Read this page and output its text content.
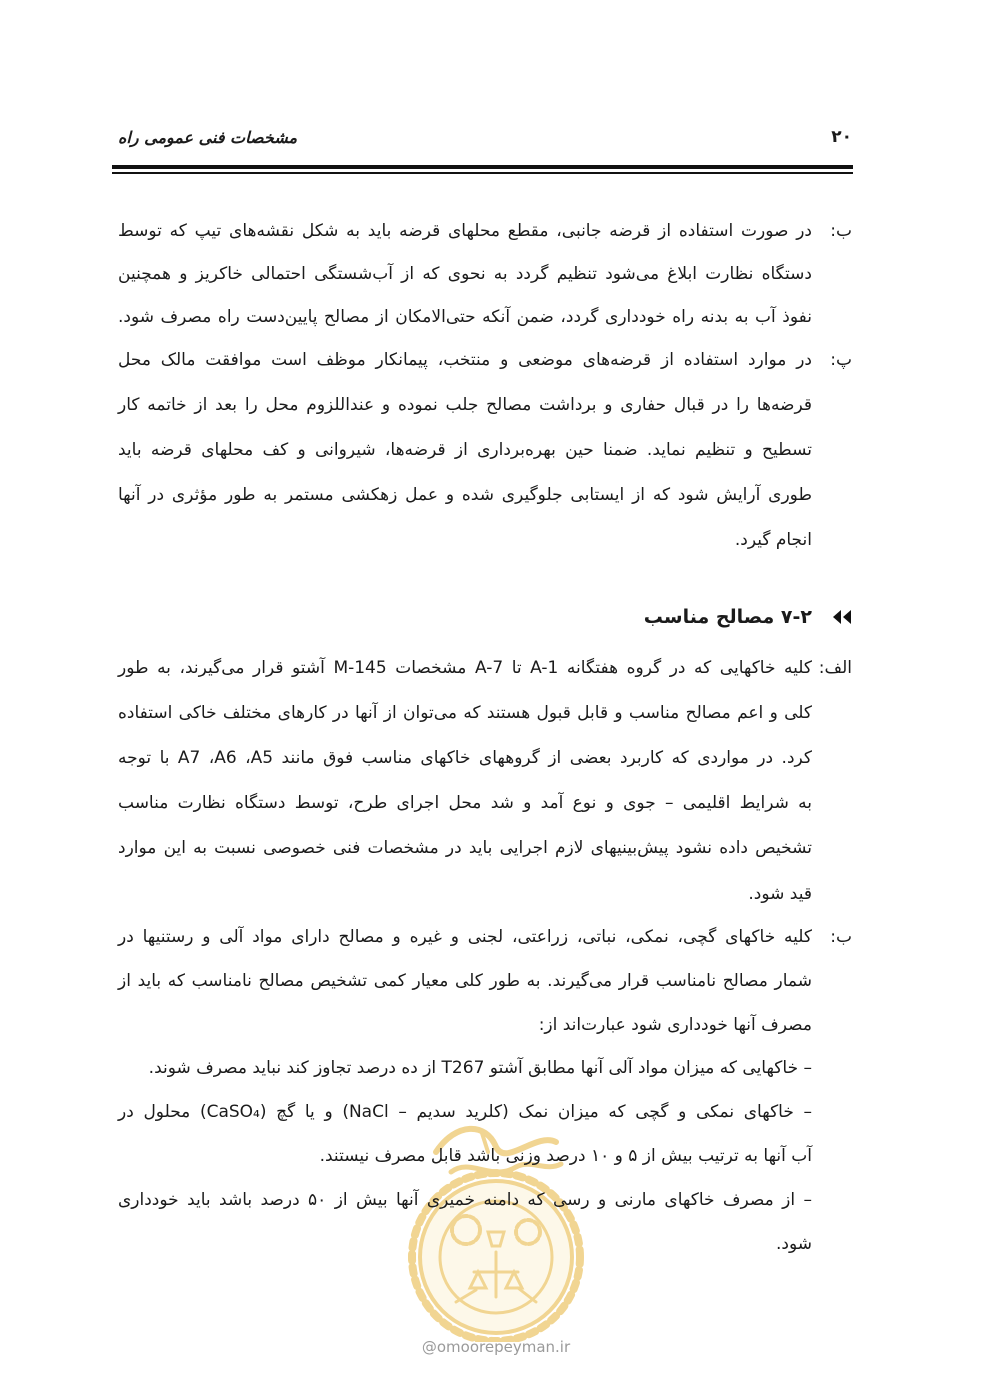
مشخصات فنی عمومی راه	۲۰
ب:
در صورت استفاده از قرضه جانبی، مقطع محلهای قرضه باید به شکل نقشه‌های تیپ که توسط
دستگاه نظارت ابلاغ می‌شود تنظیم گردد به نحوی که از آب‌شستگی احتمالی خاکریز و همچنین
نفوذ آب به بدنه راه خودداری گردد، ضمن آنکه حتی‌الامکان از مصالح پایین‌دست راه مصرف شود.
پ:
در موارد استفاده از قرضه‌های موضعی و منتخب، پیمانکار موظف است موافقت مالک محل
قرضه‌ها را در قبال حفاری و برداشت مصالح جلب نموده و عنداللزوم محل را بعد از خاتمه کار
تسطیح و تنظیم نماید. ضمنا حین بهره‌برداری از قرضه‌ها، شیروانی و کف محلهای قرضه باید
طوری آرایش شود که از ایستابی جلوگیری شده و عمل زهکشی مستمر به طور مؤثری در آنها
انجام گیرد.
۷-۲ مصالح مناسب
الف:
کلیه خاکهایی که در گروه هفتگانه A-1 تا A-7 مشخصات M-145 آشتو قرار می‌گیرند، به طور
کلی و اعم مصالح مناسب و قابل قبول هستند که می‌توان از آنها در کارهای مختلف خاکی استفاده
کرد. در مواردی که کاربرد بعضی از گروههای خاکهای مناسب فوق مانند A5‏، A6‏، A7 با توجه
به شرایط اقلیمی – جوی و نوع آمد و شد محل اجرای طرح، توسط دستگاه نظارت مناسب
تشخیص داده نشود پیش‌بینیهای لازم اجرایی باید در مشخصات فنی خصوصی نسبت به این موارد
قید شود.
ب:
کلیه خاکهای گچی، نمکی، نباتی، زراعتی، لجنی و غیره و مصالح دارای مواد آلی و رستنیها در
شمار مصالح نامناسب قرار می‌گیرند. به طور کلی معیار کمی تشخیص مصالح نامناسب که باید از
مصرف آنها خودداری شود عبارت‌اند از:
– خاکهایی که میزان مواد آلی آنها مطابق آشتو T267 از ده درصد تجاوز کند نباید مصرف شوند.
– خاکهای نمکی و گچی که میزان نمک (کلرید سدیم – NaCl) و یا گچ (CaSO₄) محلول در
آب آنها به ترتیب بیش از ۵ و ۱۰ درصد وزنی باشد قابل مصرف نیستند.
– از مصرف خاکهای مارنی و رسی که دامنه خمیری آنها بیش از ۵۰ درصد باشد باید خودداری
شود.
@omoorepeyman.ir
